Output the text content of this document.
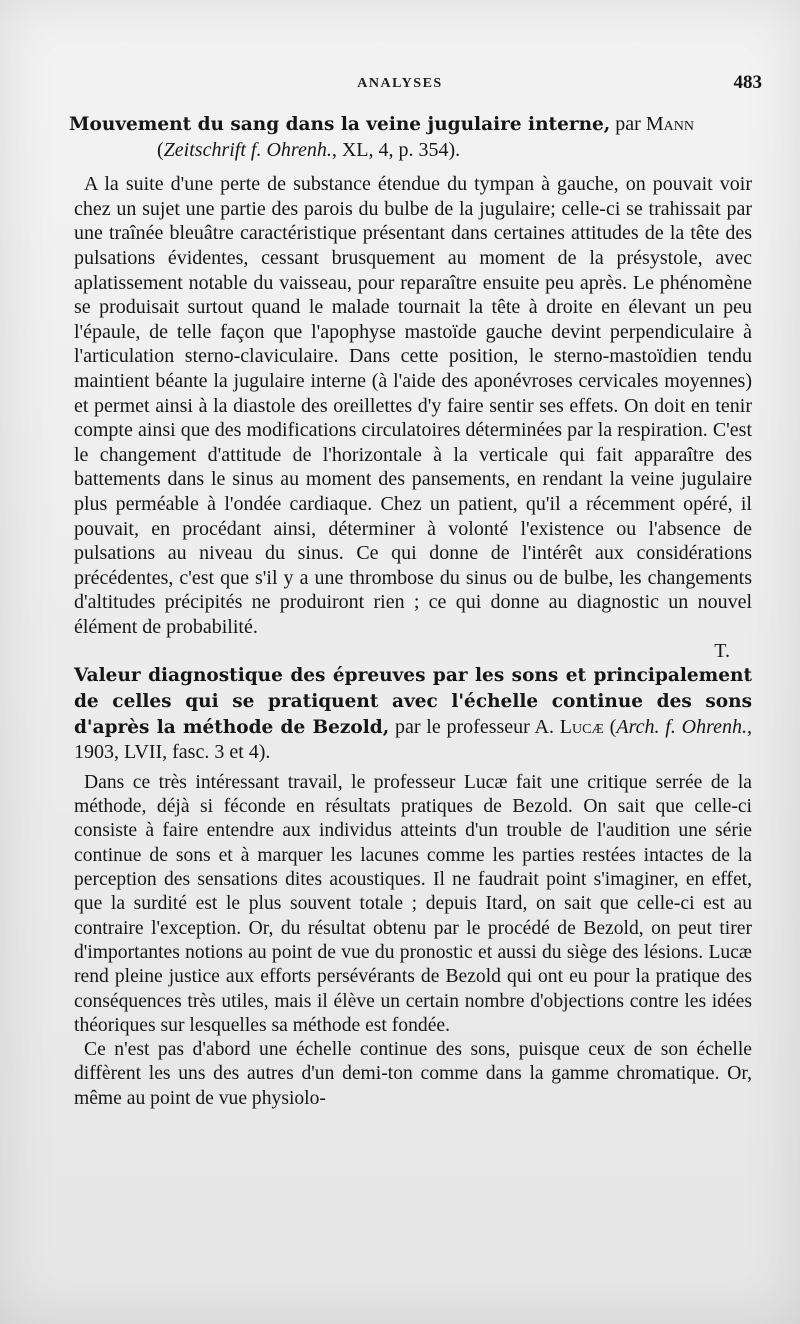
ANALYSES	483

Mouvement du sang dans la veine jugulaire interne, par Mann
(Zeitschrift f. Ohrenh., XL, 4, p. 354).

A la suite d'une perte de substance étendue du tympan à gauche, on pouvait voir chez un sujet une partie des parois du bulbe de la jugulaire; celle-ci se trahissait par une traînée bleuâtre caractéristique présentant dans certaines attitudes de la tête des pulsations évidentes, cessant brusquement au moment de la présystole, avec aplatissement notable du vaisseau, pour reparaître ensuite peu après. Le phénomène se produisait surtout quand le malade tournait la tête à droite en élevant un peu l'épaule, de telle façon que l'apophyse mastoïde gauche devint perpendiculaire à l'articulation sterno-claviculaire. Dans cette position, le sterno-mastoïdien tendu maintient béante la jugulaire interne (à l'aide des aponévroses cervicales moyennes) et permet ainsi à la diastole des oreillettes d'y faire sentir ses effets. On doit en tenir compte ainsi que des modifications circulatoires déterminées par la respiration. C'est le changement d'attitude de l'horizontale à la verticale qui fait apparaître des battements dans le sinus au moment des pansements, en rendant la veine jugulaire plus perméable à l'ondée cardiaque. Chez un patient, qu'il a récemment opéré, il pouvait, en procédant ainsi, déterminer à volonté l'existence ou l'absence de pulsations au niveau du sinus. Ce qui donne de l'intérêt aux considérations précédentes, c'est que s'il y a une thrombose du sinus ou de bulbe, les changements d'altitudes précipités ne produiront rien ; ce qui donne au diagnostic un nouvel élément de probabilité.

T.

Valeur diagnostique des épreuves par les sons et principalement de celles qui se pratiquent avec l'échelle continue des sons d'après la méthode de Bezold, par le professeur A. Lucæ (Arch. f. Ohrenh., 1903, LVII, fasc. 3 et 4).

Dans ce très intéressant travail, le professeur Lucæ fait une critique serrée de la méthode, déjà si féconde en résultats pratiques de Bezold. On sait que celle-ci consiste à faire entendre aux individus atteints d'un trouble de l'audition une série continue de sons et à marquer les lacunes comme les parties restées intactes de la perception des sensations dites acoustiques. Il ne faudrait point s'imaginer, en effet, que la surdité est le plus souvent totale ; depuis Itard, on sait que celle-ci est au contraire l'exception. Or, du résultat obtenu par le procédé de Bezold, on peut tirer d'importantes notions au point de vue du pronostic et aussi du siège des lésions. Lucæ rend pleine justice aux efforts persévérants de Bezold qui ont eu pour la pratique des conséquences très utiles, mais il élève un certain nombre d'objections contre les idées théoriques sur lesquelles sa méthode est fondée.

Ce n'est pas d'abord une échelle continue des sons, puisque ceux de son échelle diffèrent les uns des autres d'un demi-ton comme dans la gamme chromatique. Or, même au point de vue physiolo-
